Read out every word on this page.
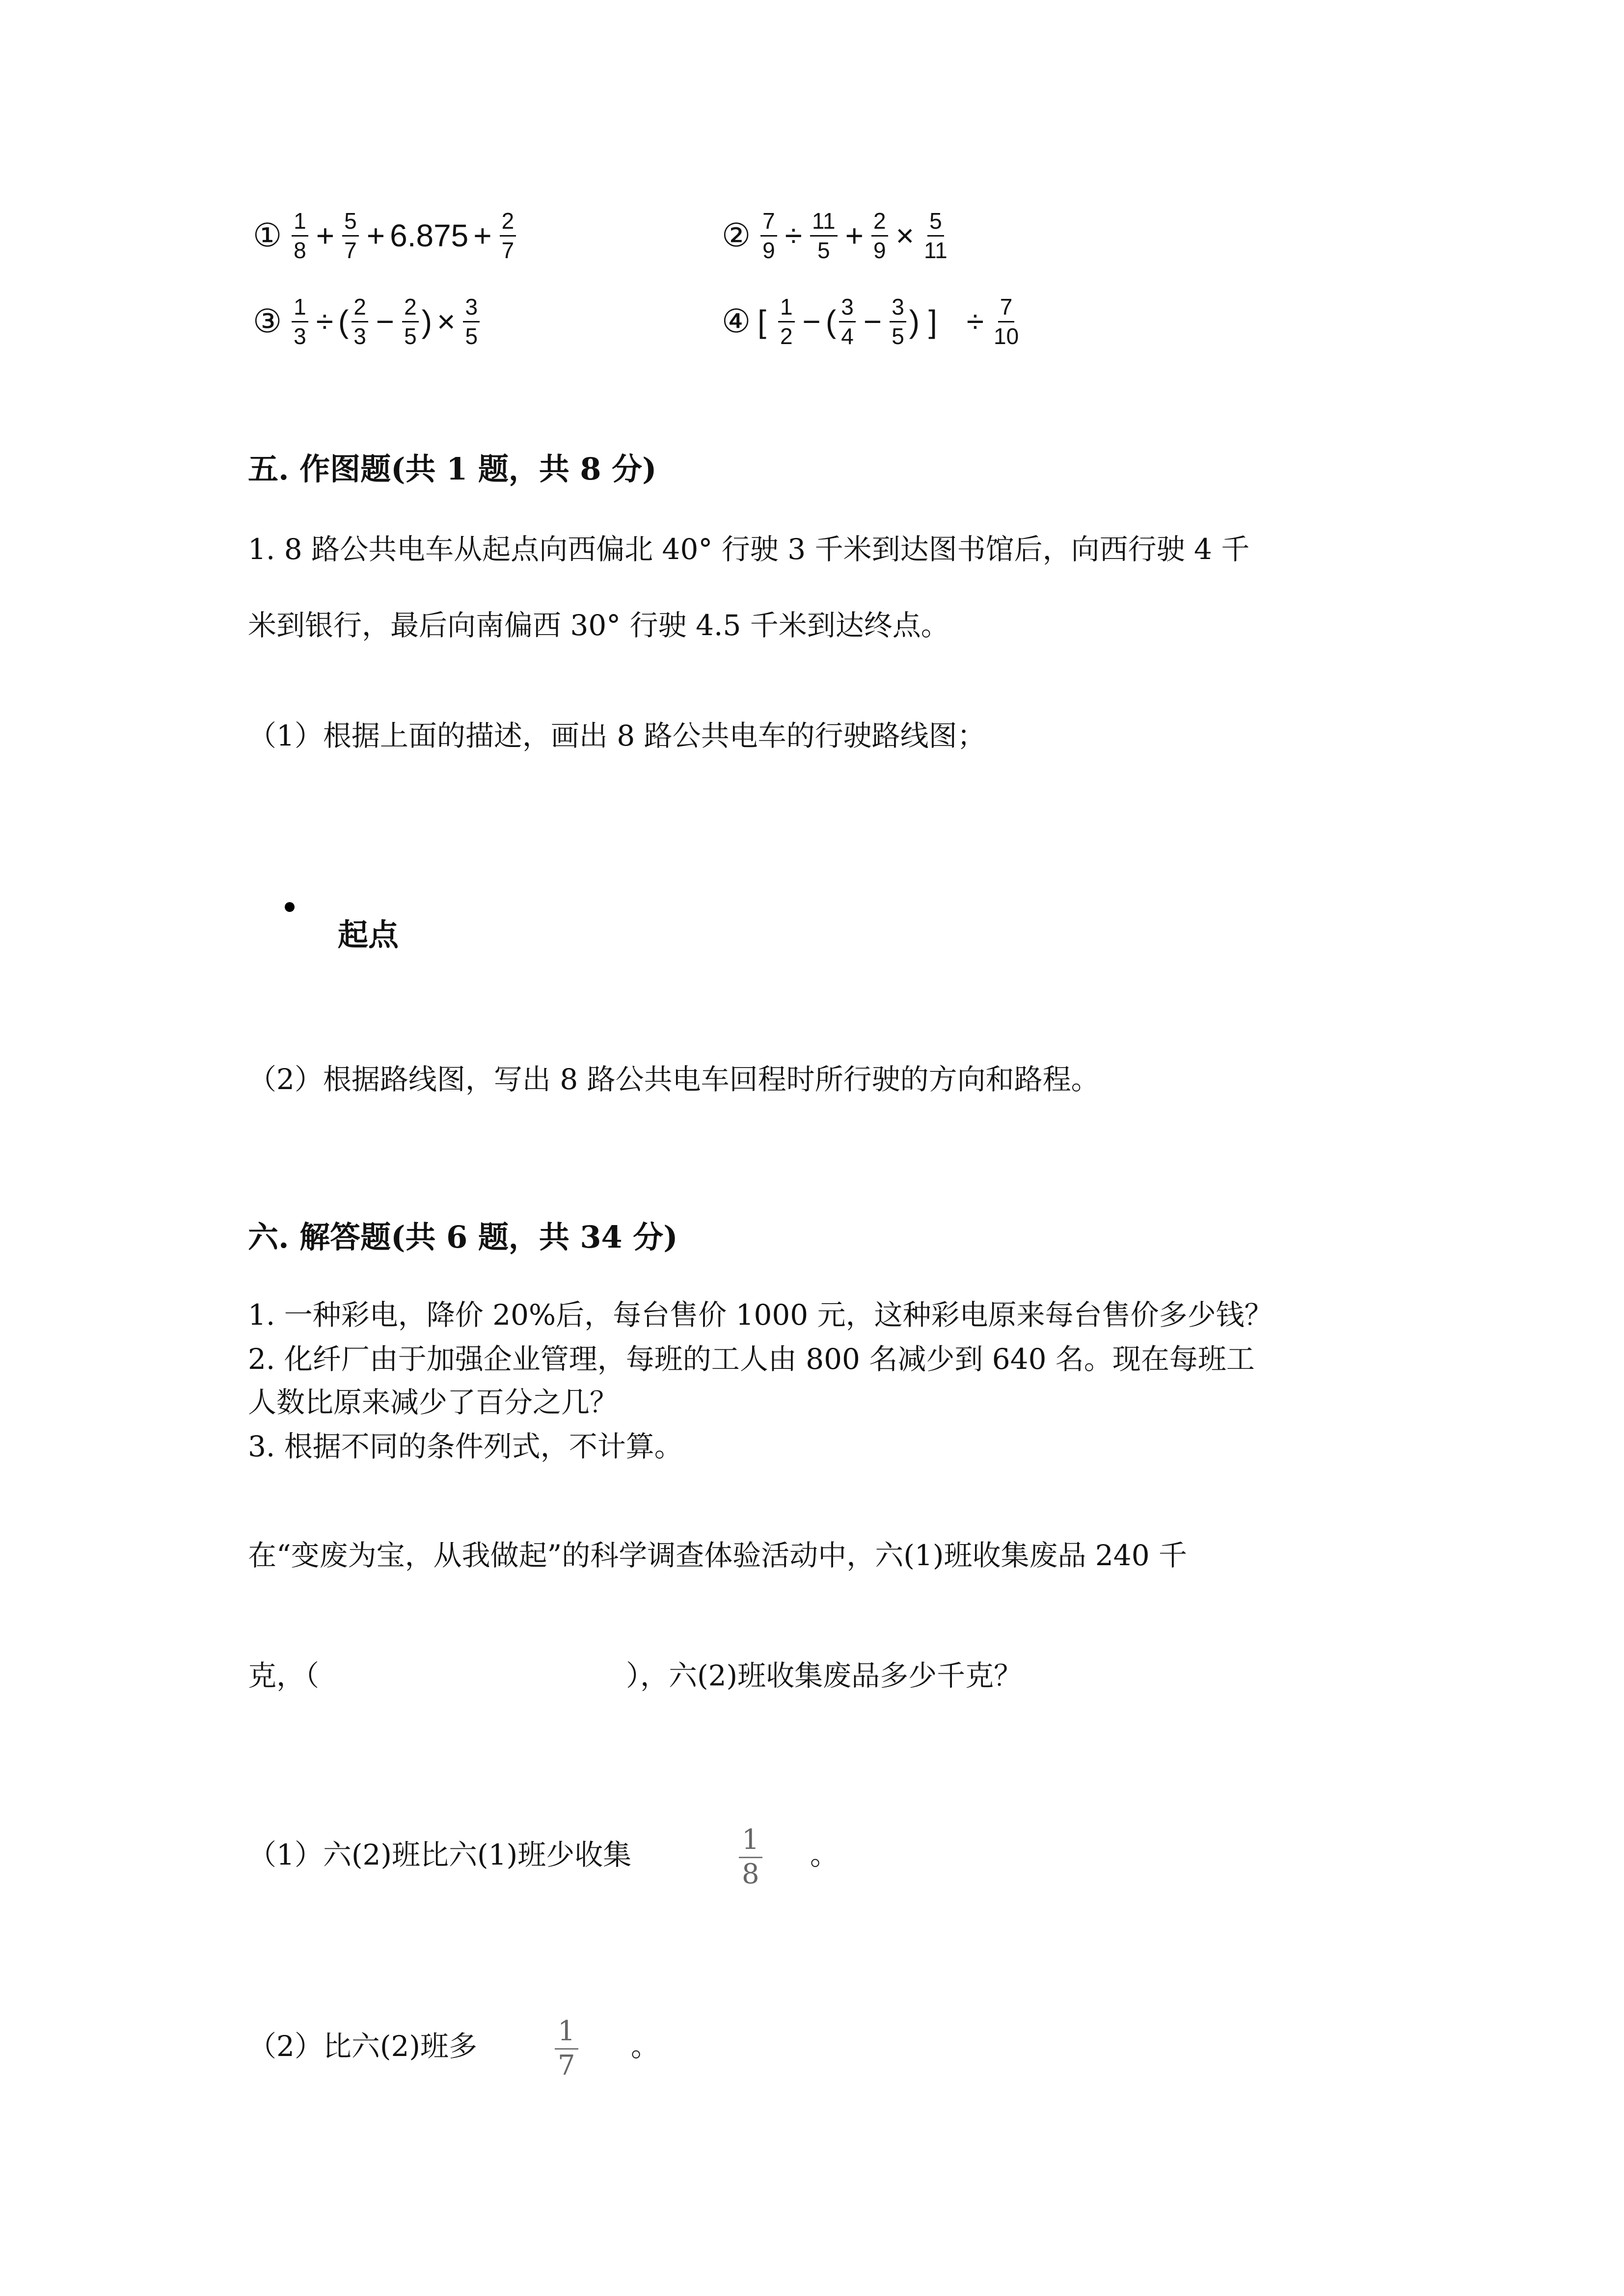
① $\frac{1}{8} + \frac{5}{7} + 6.875 + \frac{2}{7}$	② $\frac{7}{9} \div \frac{11}{5} + \frac{2}{9} \times \frac{5}{11}$
③ $\frac{1}{3}$ ÷ ( $\frac{2}{3} - \frac{2}{5}$ ) × $\frac{3}{5}$	④ [ $\frac{1}{2}$ − ( $\frac{3}{4} - \frac{3}{5}$ ) ] ÷ $\frac{7}{10}$
五. 作图题(共 1 题，共 8 分)
1. 8 路公共电车从起点向西偏北 40° 行驶 3 千米到达图书馆后，向西行驶 4 千
米到银行，最后向南偏西 30° 行驶 4.5 千米到达终点。
（1）根据上面的描述，画出 8 路公共电车的行驶路线图；
起点
（2）根据路线图，写出 8 路公共电车回程时所行驶的方向和路程。
六. 解答题(共 6 题，共 34 分)
1. 一种彩电，降价 20%后，每台售价 1000 元，这种彩电原来每台售价多少钱？
2. 化纤厂由于加强企业管理，每班的工人由 800 名减少到 640 名。现在每班工
人数比原来减少了百分之几？
3. 根据不同的条件列式，不计算。
在“变废为宝，从我做起”的科学调查体验活动中，六(1)班收集废品 240 千
克，（	），六(2)班收集废品多少千克？
（1）六(2)班比六(1)班少收集	$\frac{1}{8}$ 。
（2）比六(2)班多	$\frac{1}{7}$ 。
